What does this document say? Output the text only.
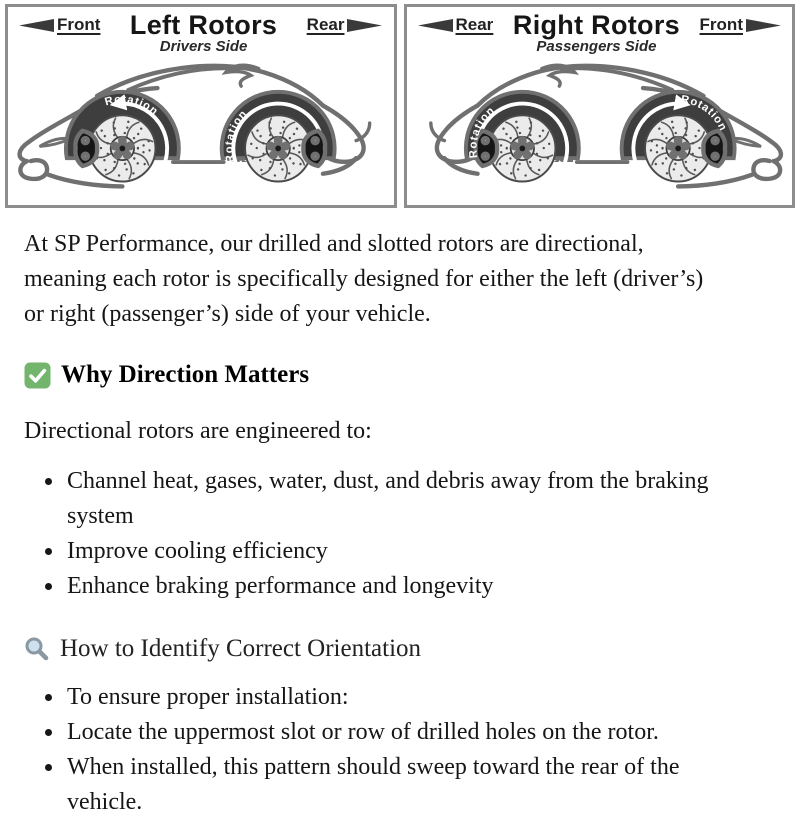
Front Left Rotors
Drivers Side
Rear
Rotation
Rotation
Rear Right Rotors
Passengers Side
Front
Rotation
Rotation

At SP Performance, our drilled and slotted rotors are directional, meaning each rotor is specifically designed for either the left (driver’s) or right (passenger’s) side of your vehicle.

Why Direction Matters

Directional rotors are engineered to:

• Channel heat, gases, water, dust, and debris away from the braking system
• Improve cooling efficiency
• Enhance braking performance and longevity
How to Identify Correct Orientation
• To ensure proper installation:
• Locate the uppermost slot or row of drilled holes on the rotor.
• When installed, this pattern should sweep toward the rear of the vehicle.
